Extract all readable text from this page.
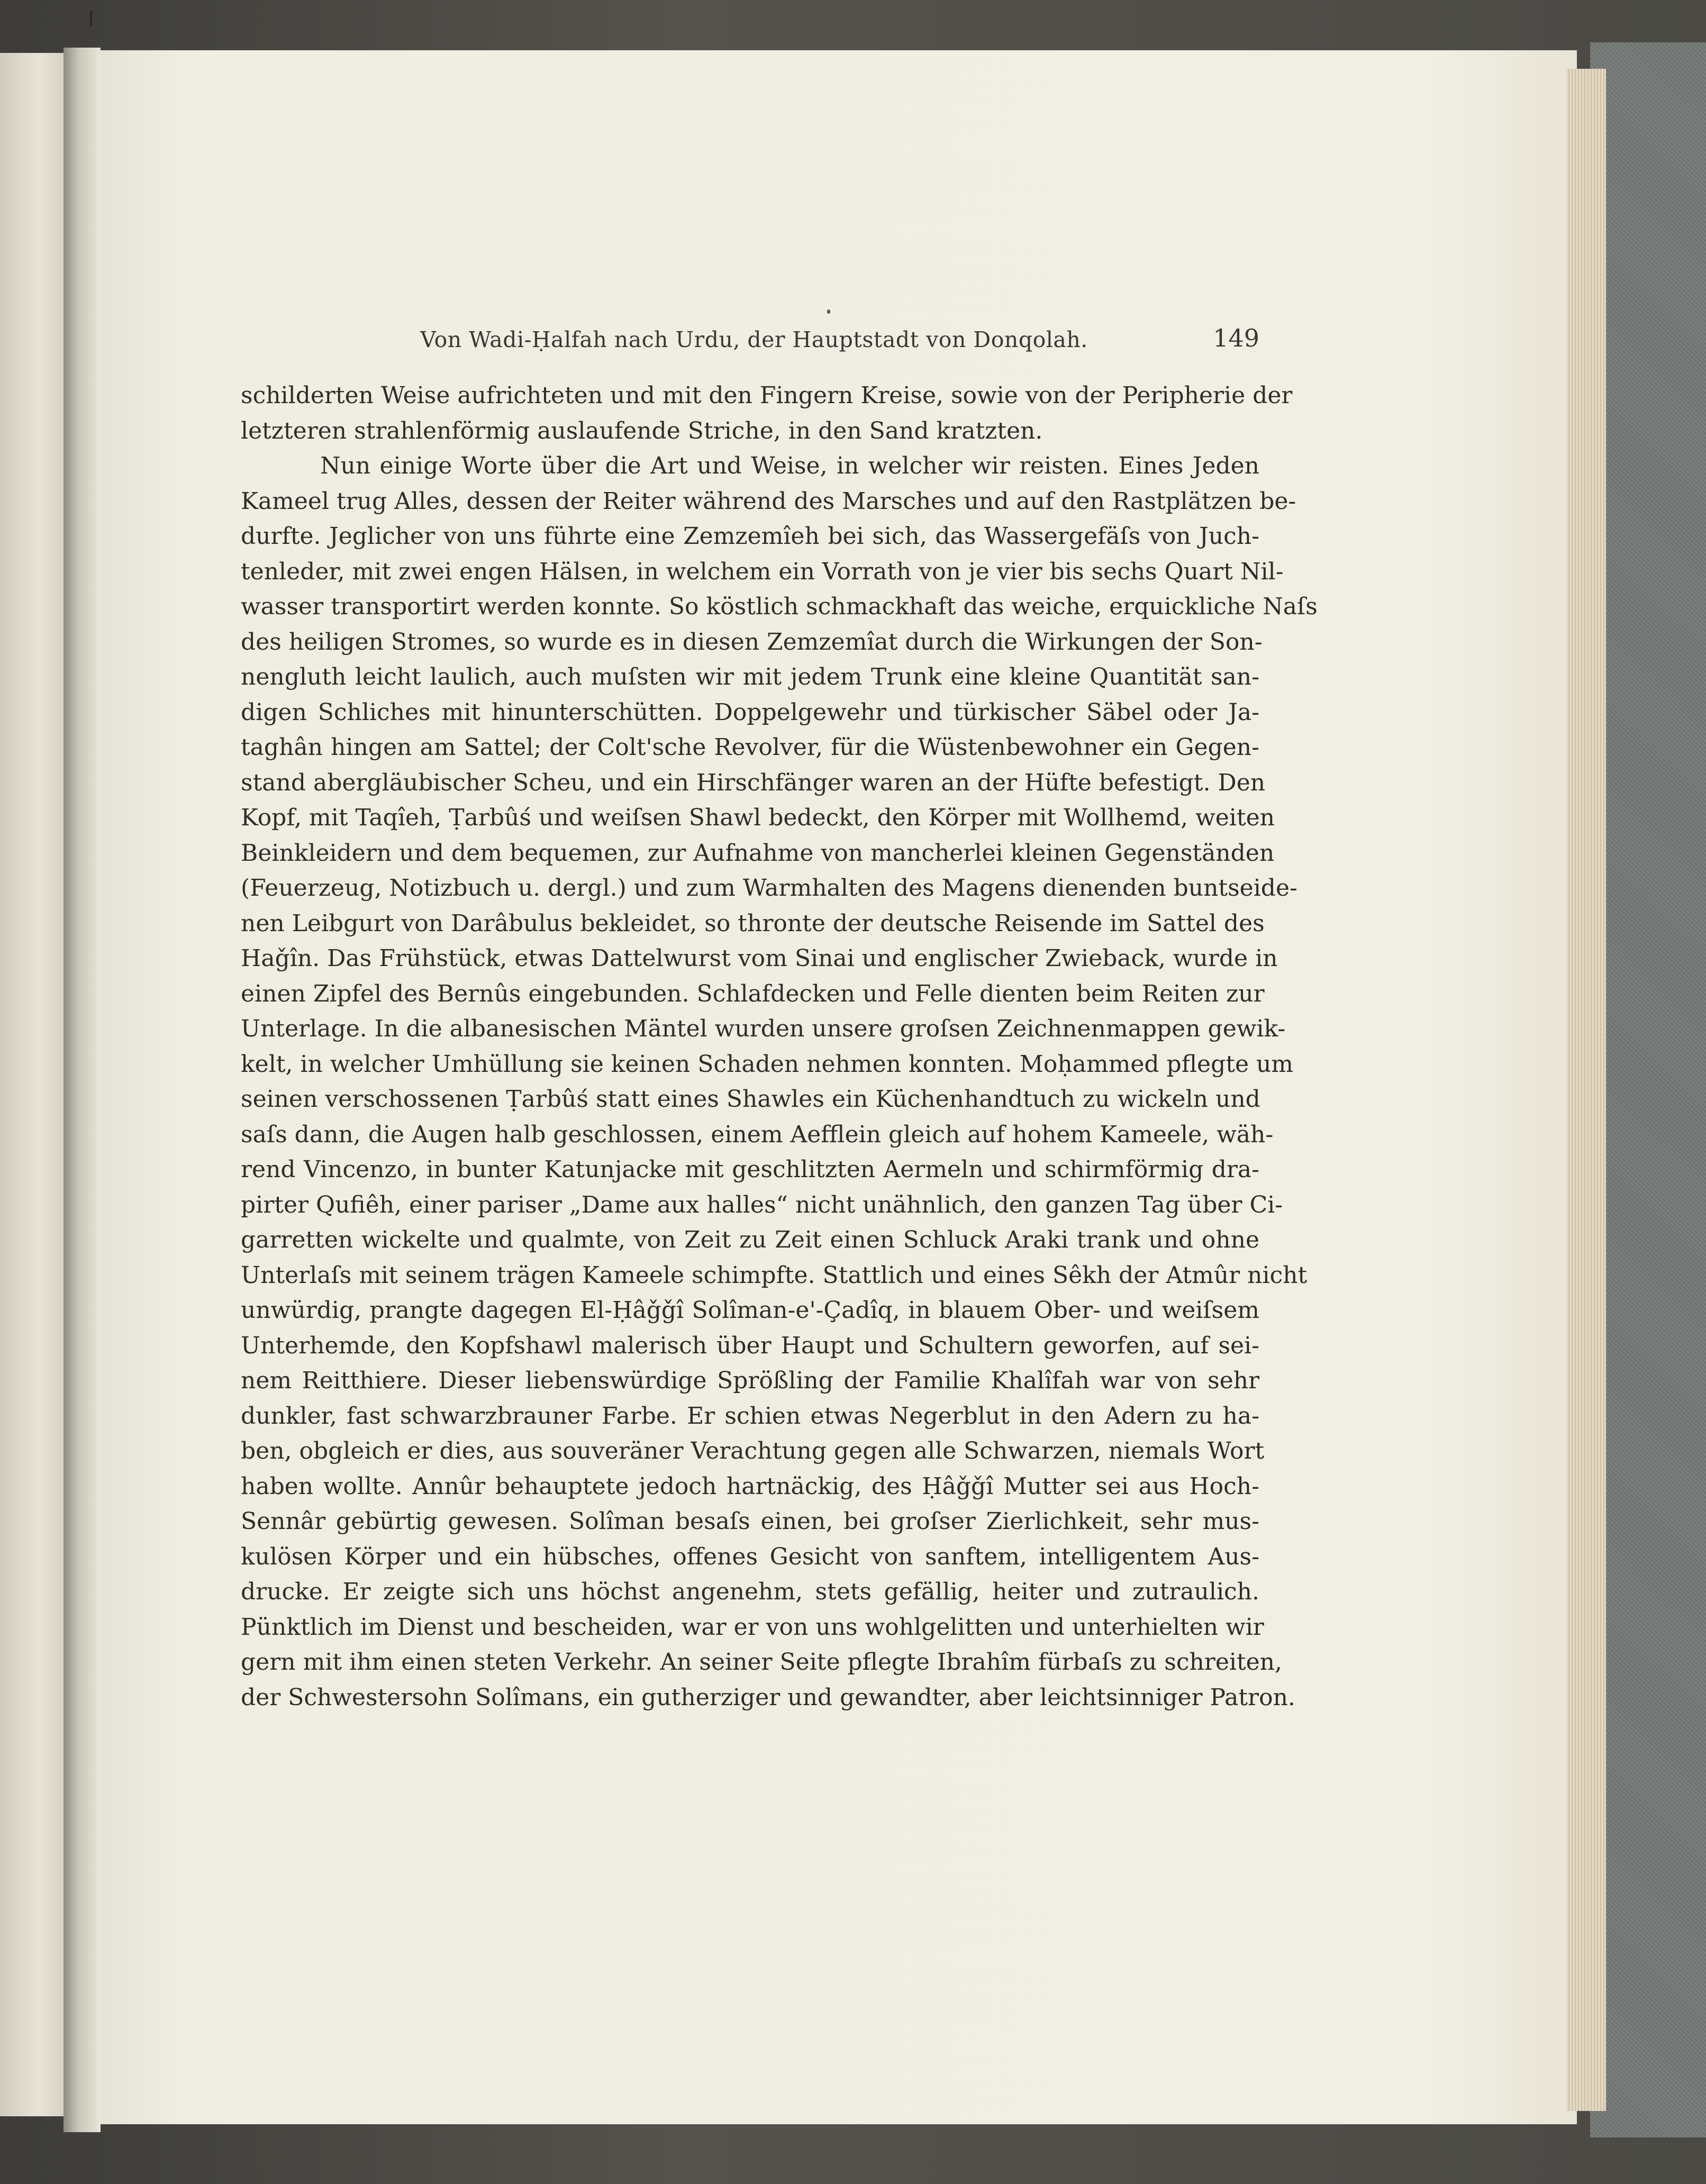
Von Wadi-Ḥalfah nach Urdu, der Hauptstadt von Donqolah.	149
schilderten Weise aufrichteten und mit den Fingern Kreise, sowie von der Peripherie der
letzteren strahlenförmig auslaufende Striche, in den Sand kratzten.
Nun einige Worte über die Art und Weise, in welcher wir reisten. Eines Jeden
Kameel trug Alles, dessen der Reiter während des Marsches und auf den Rastplätzen be-
durfte. Jeglicher von uns führte eine Zemzemîeh bei sich, das Wassergefäſs von Juch-
tenleder, mit zwei engen Hälsen, in welchem ein Vorrath von je vier bis sechs Quart Nil-
wasser transportirt werden konnte. So köstlich schmackhaft das weiche, erquickliche Naſs
des heiligen Stromes, so wurde es in diesen Zemzemîat durch die Wirkungen der Son-
nengluth leicht laulich, auch muſsten wir mit jedem Trunk eine kleine Quantität san-
digen Schliches mit hinunterschütten. Doppelgewehr und türkischer Säbel oder Ja-
taghân hingen am Sattel; der Colt'sche Revolver, für die Wüstenbewohner ein Gegen-
stand abergläubischer Scheu, und ein Hirschfänger waren an der Hüfte befestigt. Den
Kopf, mit Taqîeh, Ṭarbûś und weiſsen Shawl bedeckt, den Körper mit Wollhemd, weiten
Beinkleidern und dem bequemen, zur Aufnahme von mancherlei kleinen Gegenständen
(Feuerzeug, Notizbuch u. dergl.) und zum Warmhalten des Magens dienenden buntseide-
nen Leibgurt von Darâbulus bekleidet, so thronte der deutsche Reisende im Sattel des
Haǧîn. Das Frühstück, etwas Dattelwurst vom Sinai und englischer Zwieback, wurde in
einen Zipfel des Bernûs eingebunden. Schlafdecken und Felle dienten beim Reiten zur
Unterlage. In die albanesischen Mäntel wurden unsere groſsen Zeichnenmappen gewik-
kelt, in welcher Umhüllung sie keinen Schaden nehmen konnten. Moḥammed pflegte um
seinen verschossenen Ṭarbûś statt eines Shawles ein Küchenhandtuch zu wickeln und
saſs dann, die Augen halb geschlossen, einem Aefflein gleich auf hohem Kameele, wäh-
rend Vincenzo, in bunter Katunjacke mit geschlitzten Aermeln und schirmförmig dra-
pirter Qufiêh, einer pariser „Dame aux halles“ nicht unähnlich, den ganzen Tag über Ci-
garretten wickelte und qualmte, von Zeit zu Zeit einen Schluck Araki trank und ohne
Unterlaſs mit seinem trägen Kameele schimpfte. Stattlich und eines Sêkh der Atmûr nicht
unwürdig, prangte dagegen El-Ḥâǧǧî Solîman-e'-Çadîq, in blauem Ober- und weiſsem
Unterhemde, den Kopfshawl malerisch über Haupt und Schultern geworfen, auf sei-
nem Reitthiere. Dieser liebenswürdige Sprößling der Familie Khalîfah war von sehr
dunkler, fast schwarzbrauner Farbe. Er schien etwas Negerblut in den Adern zu ha-
ben, obgleich er dies, aus souveräner Verachtung gegen alle Schwarzen, niemals Wort
haben wollte. Annûr behauptete jedoch hartnäckig, des Ḥâǧǧî Mutter sei aus Hoch-
Sennâr gebürtig gewesen. Solîman besaſs einen, bei groſser Zierlichkeit, sehr mus-
kulösen Körper und ein hübsches, offenes Gesicht von sanftem, intelligentem Aus-
drucke. Er zeigte sich uns höchst angenehm, stets gefällig, heiter und zutraulich.
Pünktlich im Dienst und bescheiden, war er von uns wohlgelitten und unterhielten wir
gern mit ihm einen steten Verkehr. An seiner Seite pflegte Ibrahîm fürbaſs zu schreiten,
der Schwestersohn Solîmans, ein gutherziger und gewandter, aber leichtsinniger Patron.
